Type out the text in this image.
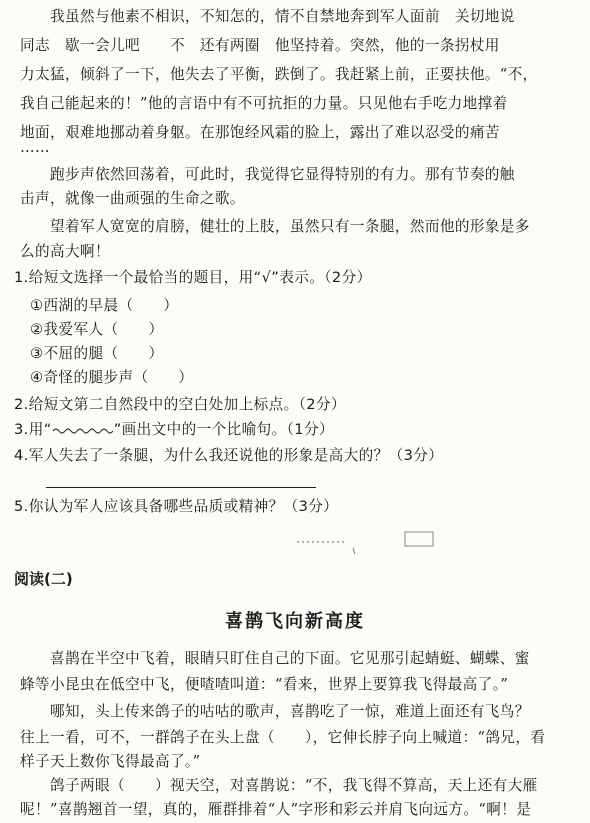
　　我虽然与他素不相识，不知怎的，情不自禁地奔到军人面前　关切地说
同志　歇一会儿吧　　不　还有两圈　他坚持着。突然，他的一条拐杖用
力太猛，倾斜了一下，他失去了平衡，跌倒了。我赶紧上前，正要扶他。“不，
我自己能起来的！”他的言语中有不可抗拒的力量。只见他右手吃力地撑着
地面，艰难地挪动着身躯。在那饱经风霜的脸上，露出了难以忍受的痛苦
……
　　跑步声依然回荡着，可此时，我觉得它显得特别的有力。那有节奏的触
击声，就像一曲顽强的生命之歌。
　　望着军人宽宽的肩膀，健壮的上肢，虽然只有一条腿，然而他的形象是多
么的高大啊！
1.给短文选择一个最恰当的题目，用“√”表示。（2分）
①西湖的早晨（　　）
②我爱军人（　　）
③不屈的腿（　　）
④奇怪的腿步声（　　）
2.给短文第二自然段中的空白处加上标点。（2分）
3.用“	”画出文中的一个比喻句。（1分）
4.军人失去了一条腿，为什么我还说他的形象是高大的？（3分）
5.你认为军人应该具备哪些品质或精神？（3分）
阅读(二)
喜鹊飞向新高度
　　喜鹊在半空中飞着，眼睛只盯住自己的下面。它见那引起蜻蜓、蝴蝶、蜜
蜂等小昆虫在低空中飞，便喳喳叫道：“看来，世界上要算我飞得最高了。”
　　哪知，头上传来鸽子的咕咕的歌声，喜鹊吃了一惊，难道上面还有飞鸟？
往上一看，可不，一群鸽子在头上盘（　　），它伸长脖子向上喊道：“鸽兄，看
样子天上数你飞得最高了。”
　　鸽子两眼（　　）视天空，对喜鹊说：“不，我飞得不算高，天上还有大雁
呢！”喜鹊翘首一望，真的，雁群排着“人”字形和彩云并肩飞向远方。“啊！是
